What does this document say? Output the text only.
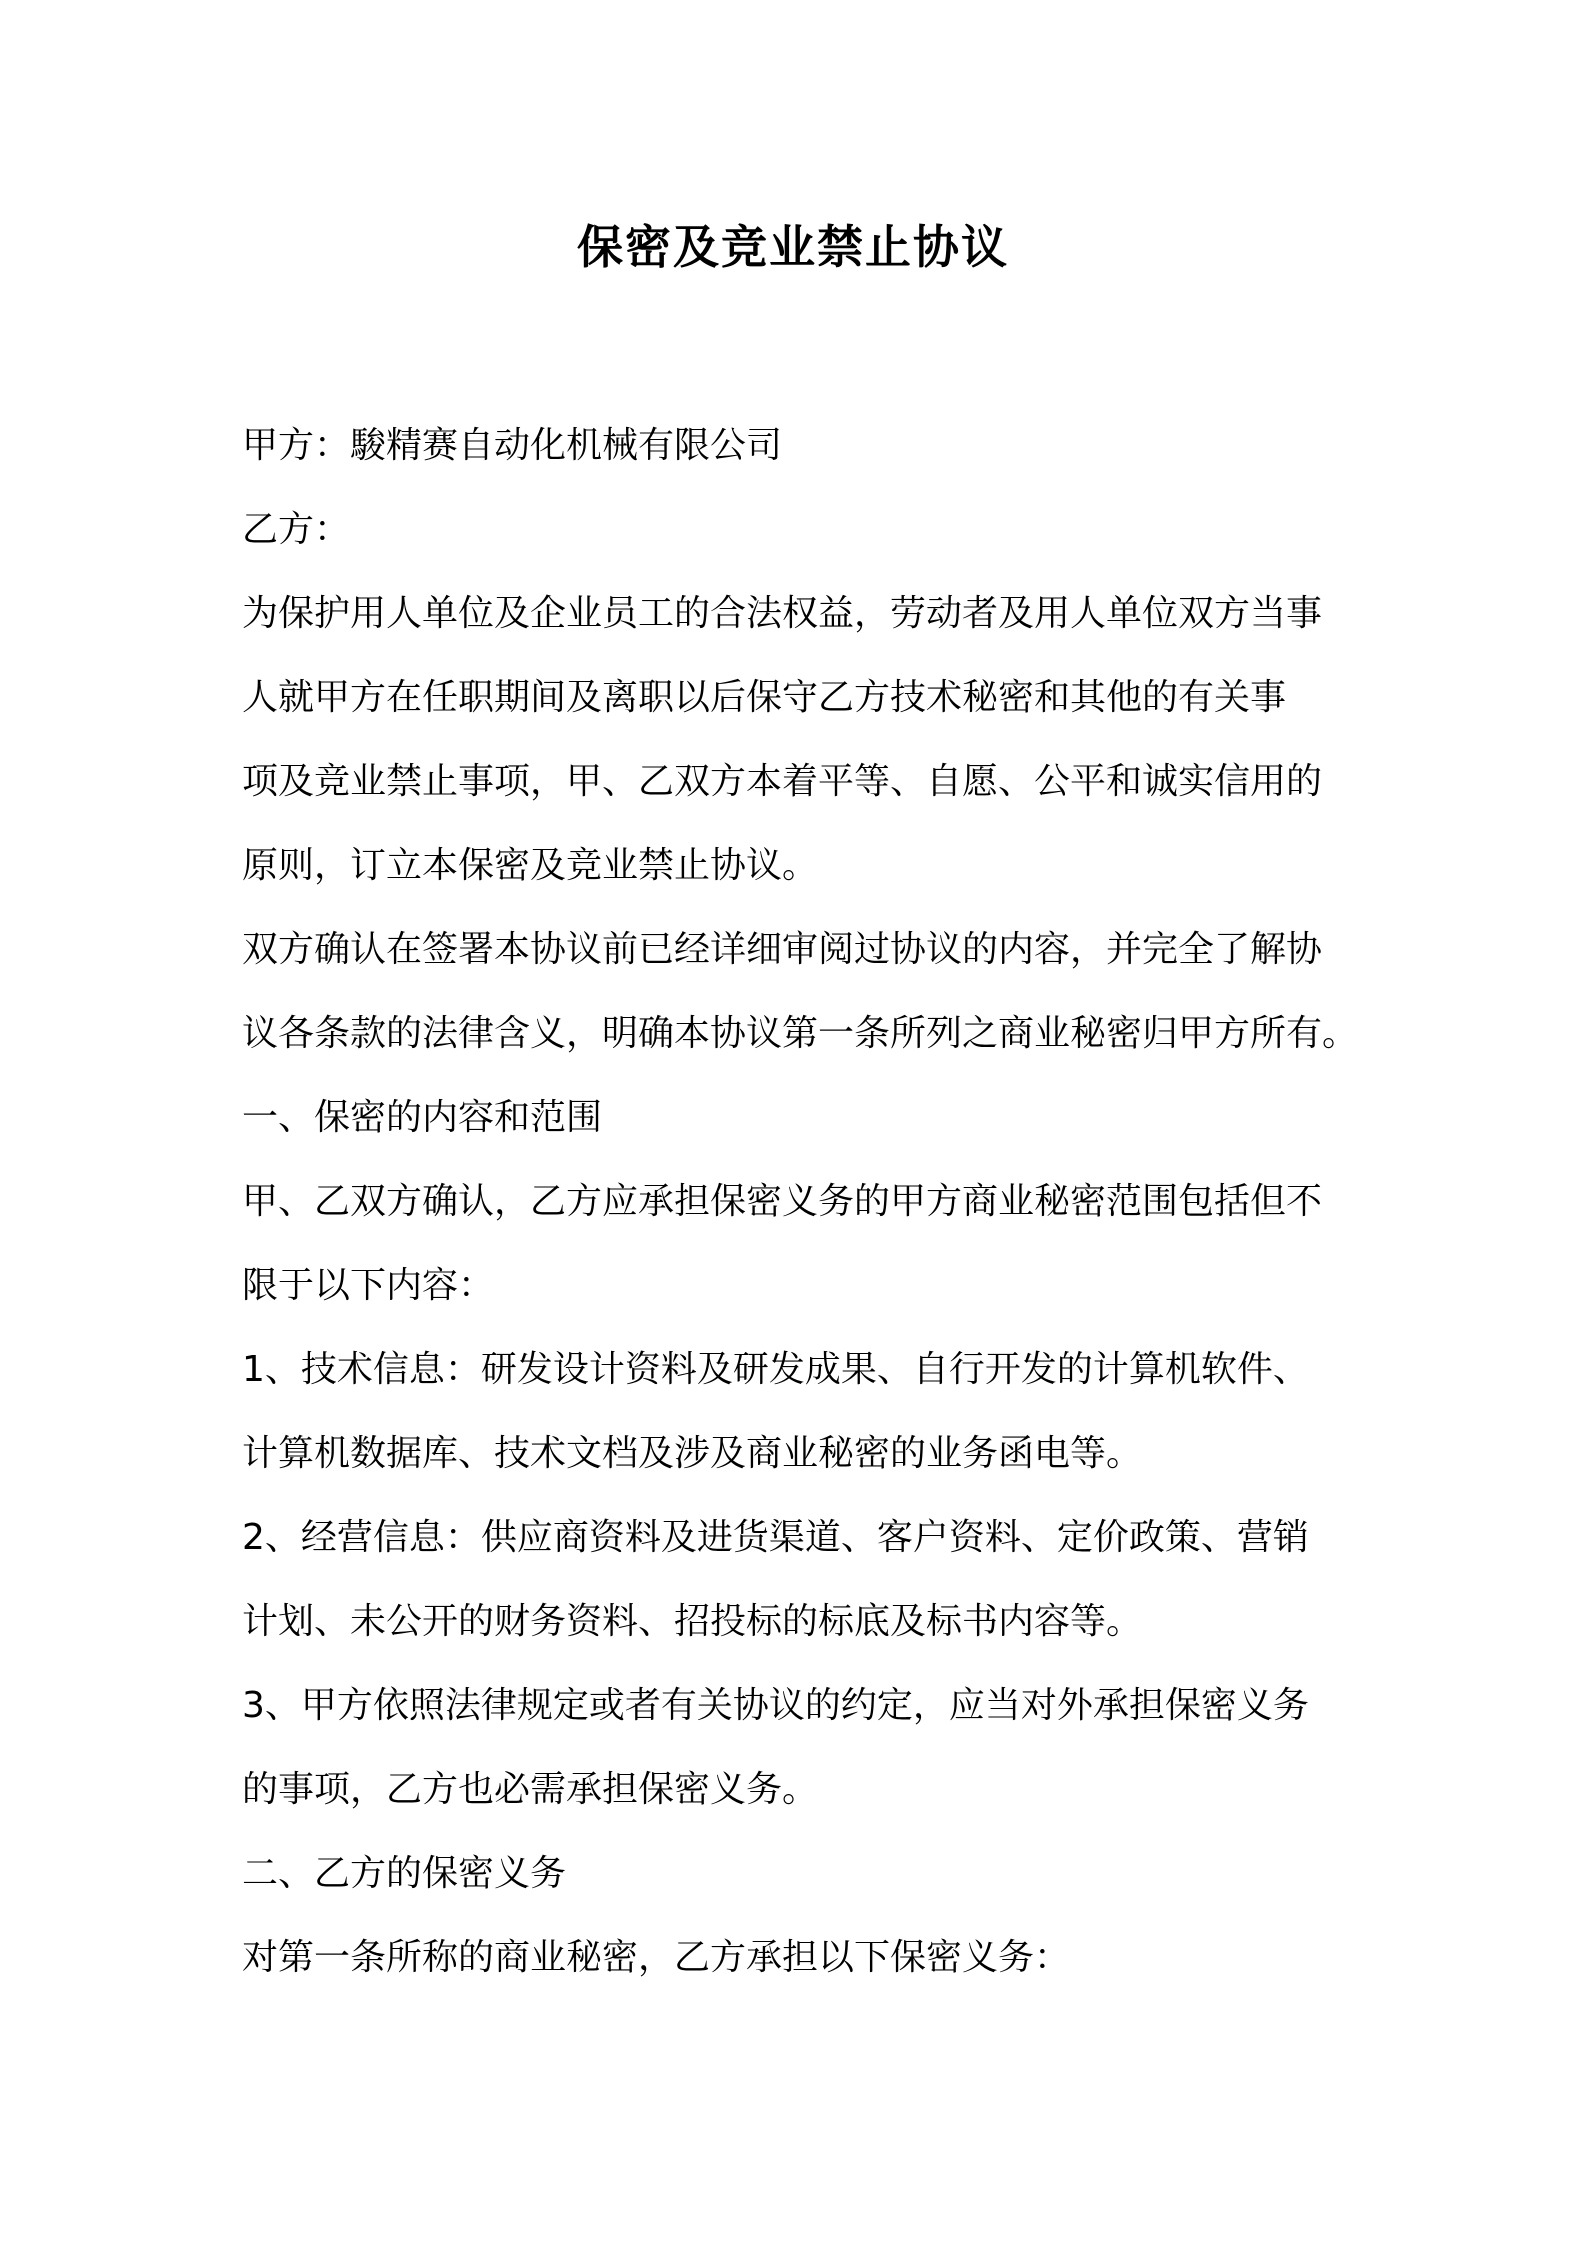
保密及竞业禁止协议
甲方：駿精赛自动化机械有限公司
乙方：
为保护用人单位及企业员工的合法权益，劳动者及用人单位双方当事
人就甲方在任职期间及离职以后保守乙方技术秘密和其他的有关事
项及竞业禁止事项，甲、乙双方本着平等、自愿、公平和诚实信用的
原则，订立本保密及竞业禁止协议。
双方确认在签署本协议前已经详细审阅过协议的内容，并完全了解协
议各条款的法律含义，明确本协议第一条所列之商业秘密归甲方所有。
一、保密的内容和范围
甲、乙双方确认，乙方应承担保密义务的甲方商业秘密范围包括但不
限于以下内容：
1、技术信息：研发设计资料及研发成果、自行开发的计算机软件、
计算机数据库、技术文档及涉及商业秘密的业务函电等。
2、经营信息：供应商资料及进货渠道、客户资料、定价政策、营销
计划、未公开的财务资料、招投标的标底及标书内容等。
3、甲方依照法律规定或者有关协议的约定，应当对外承担保密义务
的事项，乙方也必需承担保密义务。
二、乙方的保密义务
对第一条所称的商业秘密，乙方承担以下保密义务：
